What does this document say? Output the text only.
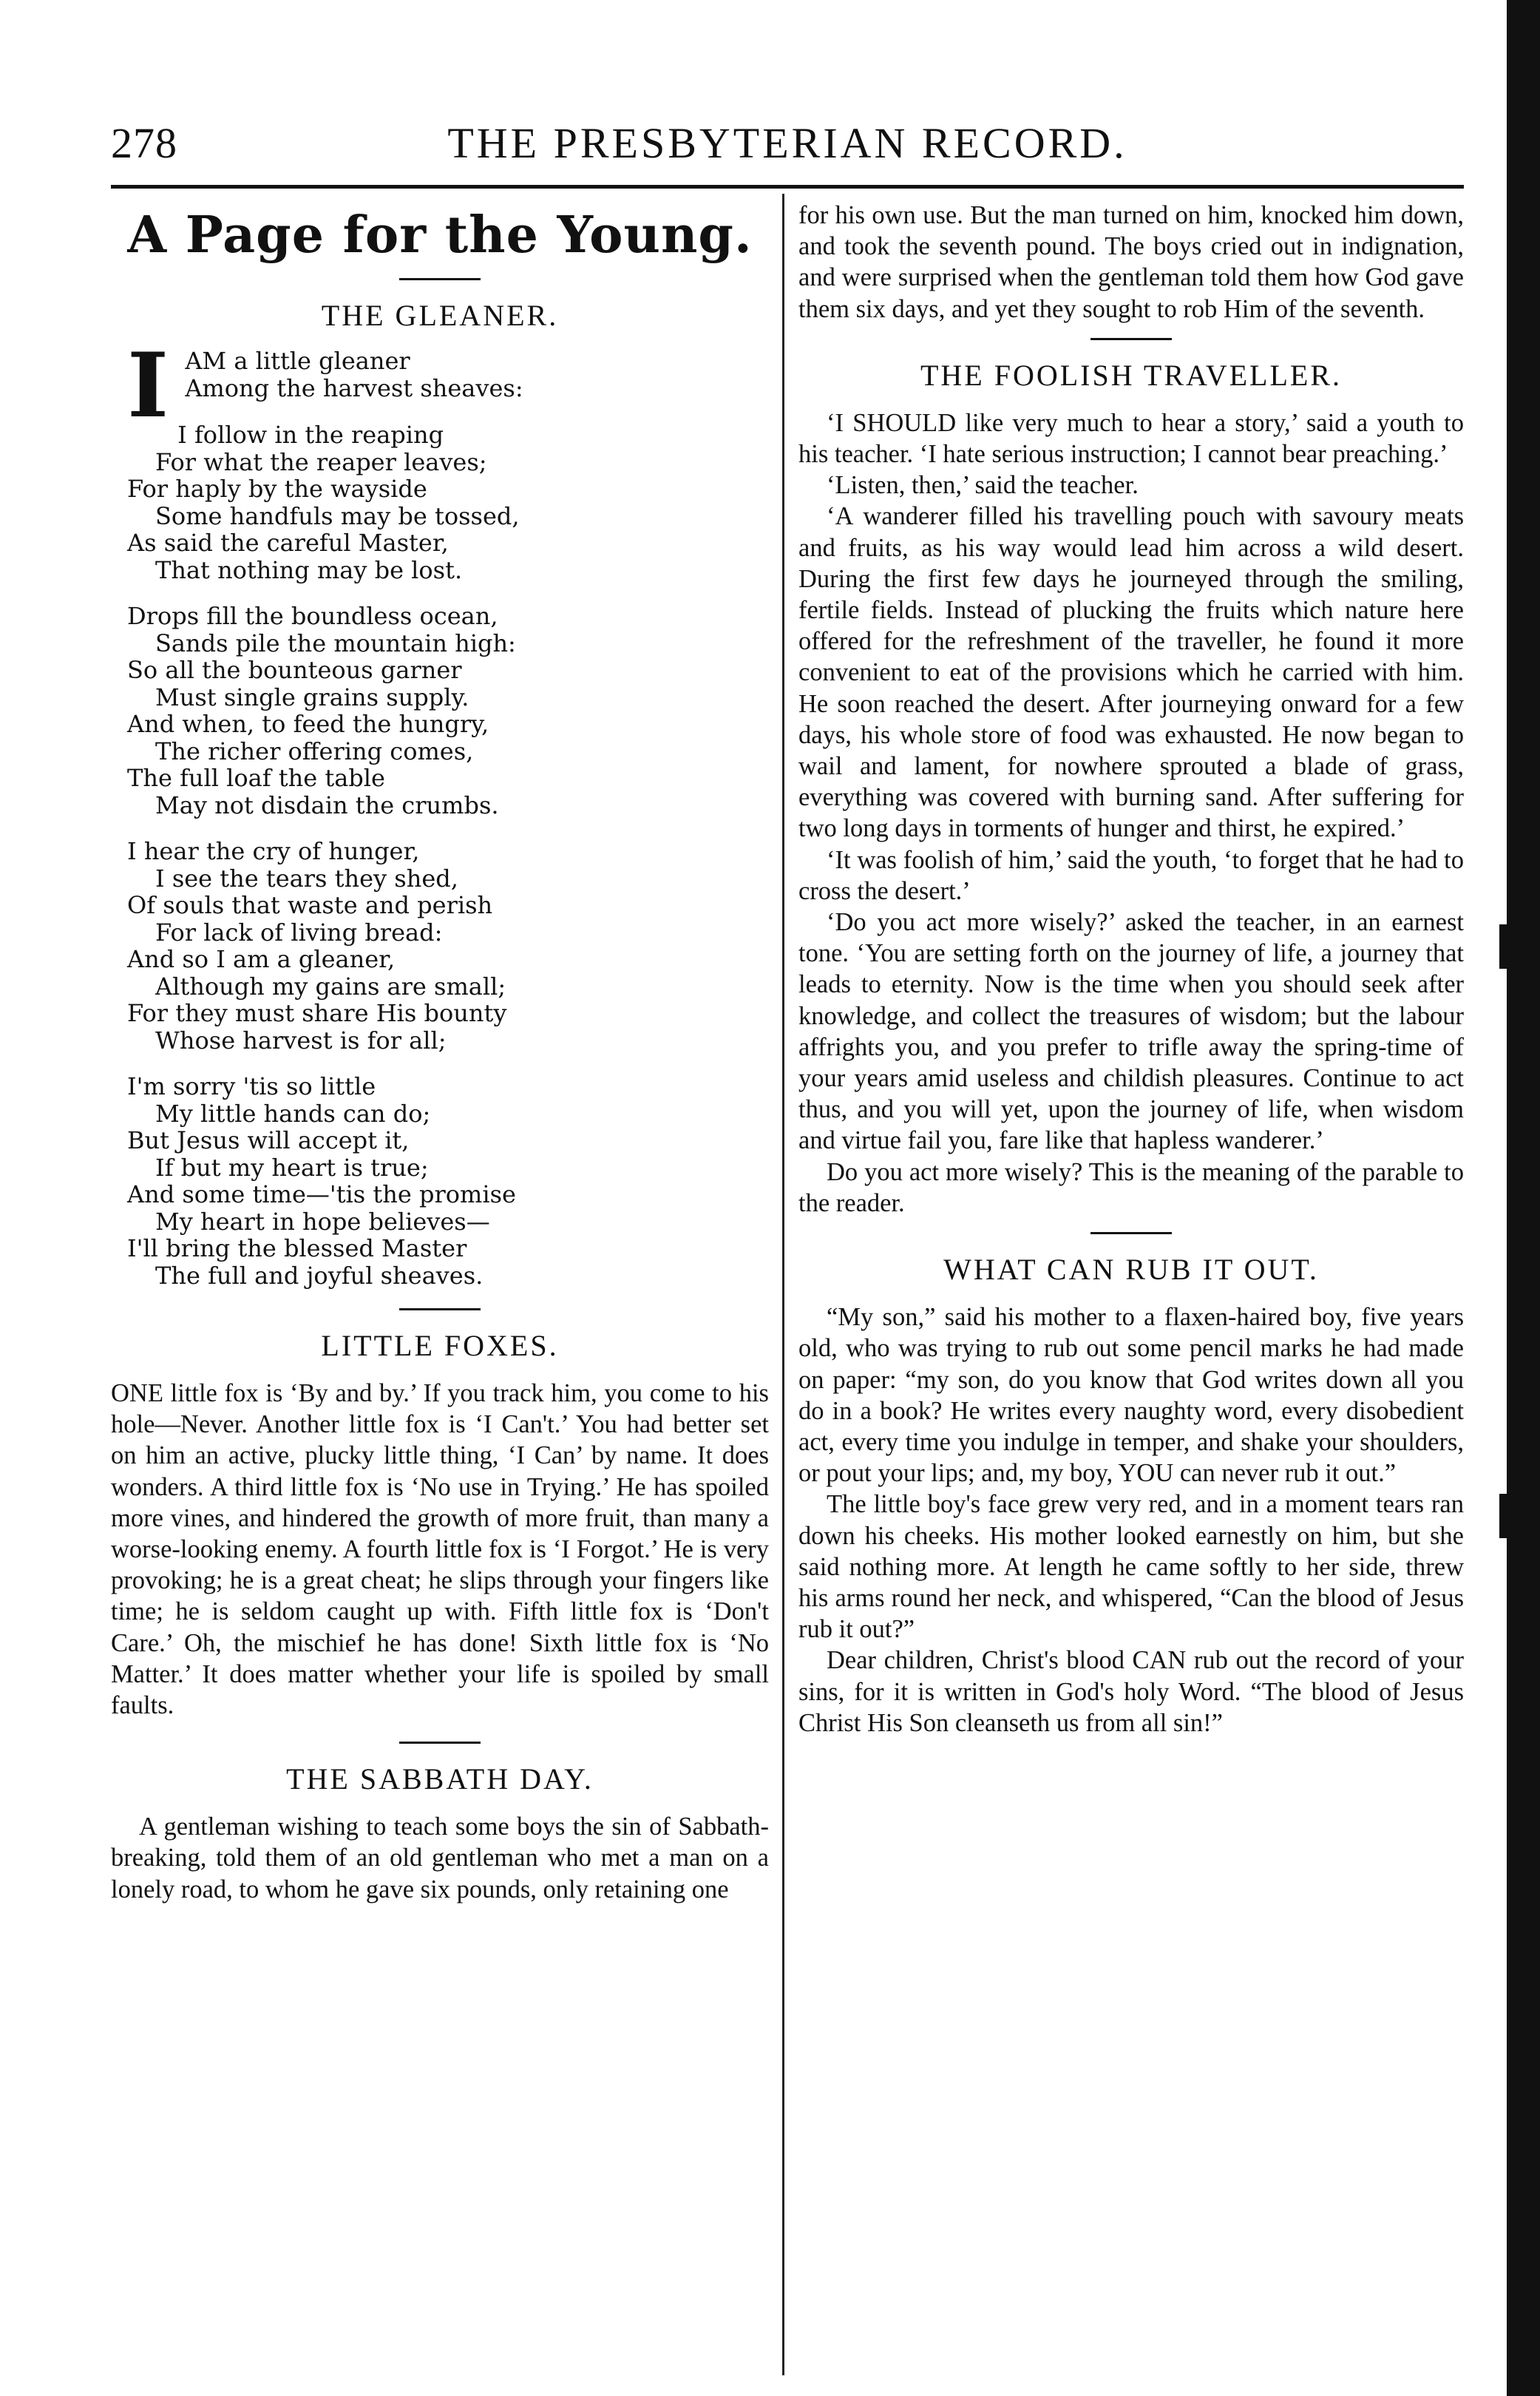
278	THE PRESBYTERIAN RECORD.
A Page for the Young.
THE GLEANER.
I AM a little gleaner
Among the harvest sheaves:
I follow in the reaping
For what the reaper leaves;
For haply by the wayside
Some handfuls may be tossed,
As said the careful Master,
That nothing may be lost.
Drops fill the boundless ocean,
Sands pile the mountain high:
So all the bounteous garner
Must single grains supply.
And when, to feed the hungry,
The richer offering comes,
The full loaf the table
May not disdain the crumbs.
I hear the cry of hunger,
I see the tears they shed,
Of souls that waste and perish
For lack of living bread:
And so I am a gleaner,
Although my gains are small;
For they must share His bounty
Whose harvest is for all;
I'm sorry 'tis so little
My little hands can do;
But Jesus will accept it,
If but my heart is true;
And some time—'tis the promise
My heart in hope believes—
I'll bring the blessed Master
The full and joyful sheaves.
LITTLE FOXES.

ONE little fox is ‘By and by.’ If you track him, you come to his hole—Never. Another little fox is ‘I Can't.’ You had better set on him an active, plucky little thing, ‘I Can’ by name. It does wonders. A third little fox is ‘No use in Trying.’ He has spoiled more vines, and hindered the growth of more fruit, than many a worse-looking enemy. A fourth little fox is ‘I Forgot.’ He is very provoking; he is a great cheat; he slips through your fingers like time; he is seldom caught up with. Fifth little fox is ‘Don't Care.’ Oh, the mischief he has done! Sixth little fox is ‘No Matter.’ It does matter whether your life is spoiled by small faults.

THE SABBATH DAY.

A gentleman wishing to teach some boys the sin of Sabbath-breaking, told them of an old gentleman who met a man on a lonely road, to whom he gave six pounds, only retaining one

for his own use. But the man turned on him, knocked him down, and took the seventh pound. The boys cried out in indignation, and were surprised when the gentleman told them how God gave them six days, and yet they sought to rob Him of the seventh.

THE FOOLISH TRAVELLER.

‘I SHOULD like very much to hear a story,’ said a youth to his teacher. ‘I hate serious instruction; I cannot bear preaching.’

‘Listen, then,’ said the teacher.

‘A wanderer filled his travelling pouch with savoury meats and fruits, as his way would lead him across a wild desert. During the first few days he journeyed through the smiling, fertile fields. Instead of plucking the fruits which nature here offered for the refreshment of the traveller, he found it more convenient to eat of the provisions which he carried with him. He soon reached the desert. After journeying onward for a few days, his whole store of food was exhausted. He now began to wail and lament, for nowhere sprouted a blade of grass, everything was covered with burning sand. After suffering for two long days in torments of hunger and thirst, he expired.’

‘It was foolish of him,’ said the youth, ‘to forget that he had to cross the desert.’

‘Do you act more wisely?’ asked the teacher, in an earnest tone. ‘You are setting forth on the journey of life, a journey that leads to eternity. Now is the time when you should seek after knowledge, and collect the treasures of wisdom; but the labour affrights you, and you prefer to trifle away the spring-time of your years amid useless and childish pleasures. Continue to act thus, and you will yet, upon the journey of life, when wisdom and virtue fail you, fare like that hapless wanderer.’

Do you act more wisely? This is the meaning of the parable to the reader.

WHAT CAN RUB IT OUT.

“My son,” said his mother to a flaxen-haired boy, five years old, who was trying to rub out some pencil marks he had made on paper: “my son, do you know that God writes down all you do in a book? He writes every naughty word, every disobedient act, every time you indulge in temper, and shake your shoulders, or pout your lips; and, my boy, YOU can never rub it out.”

The little boy's face grew very red, and in a moment tears ran down his cheeks. His mother looked earnestly on him, but she said nothing more. At length he came softly to her side, threw his arms round her neck, and whispered, “Can the blood of Jesus rub it out?”

Dear children, Christ's blood CAN rub out the record of your sins, for it is written in God's holy Word. “The blood of Jesus Christ His Son cleanseth us from all sin!”
